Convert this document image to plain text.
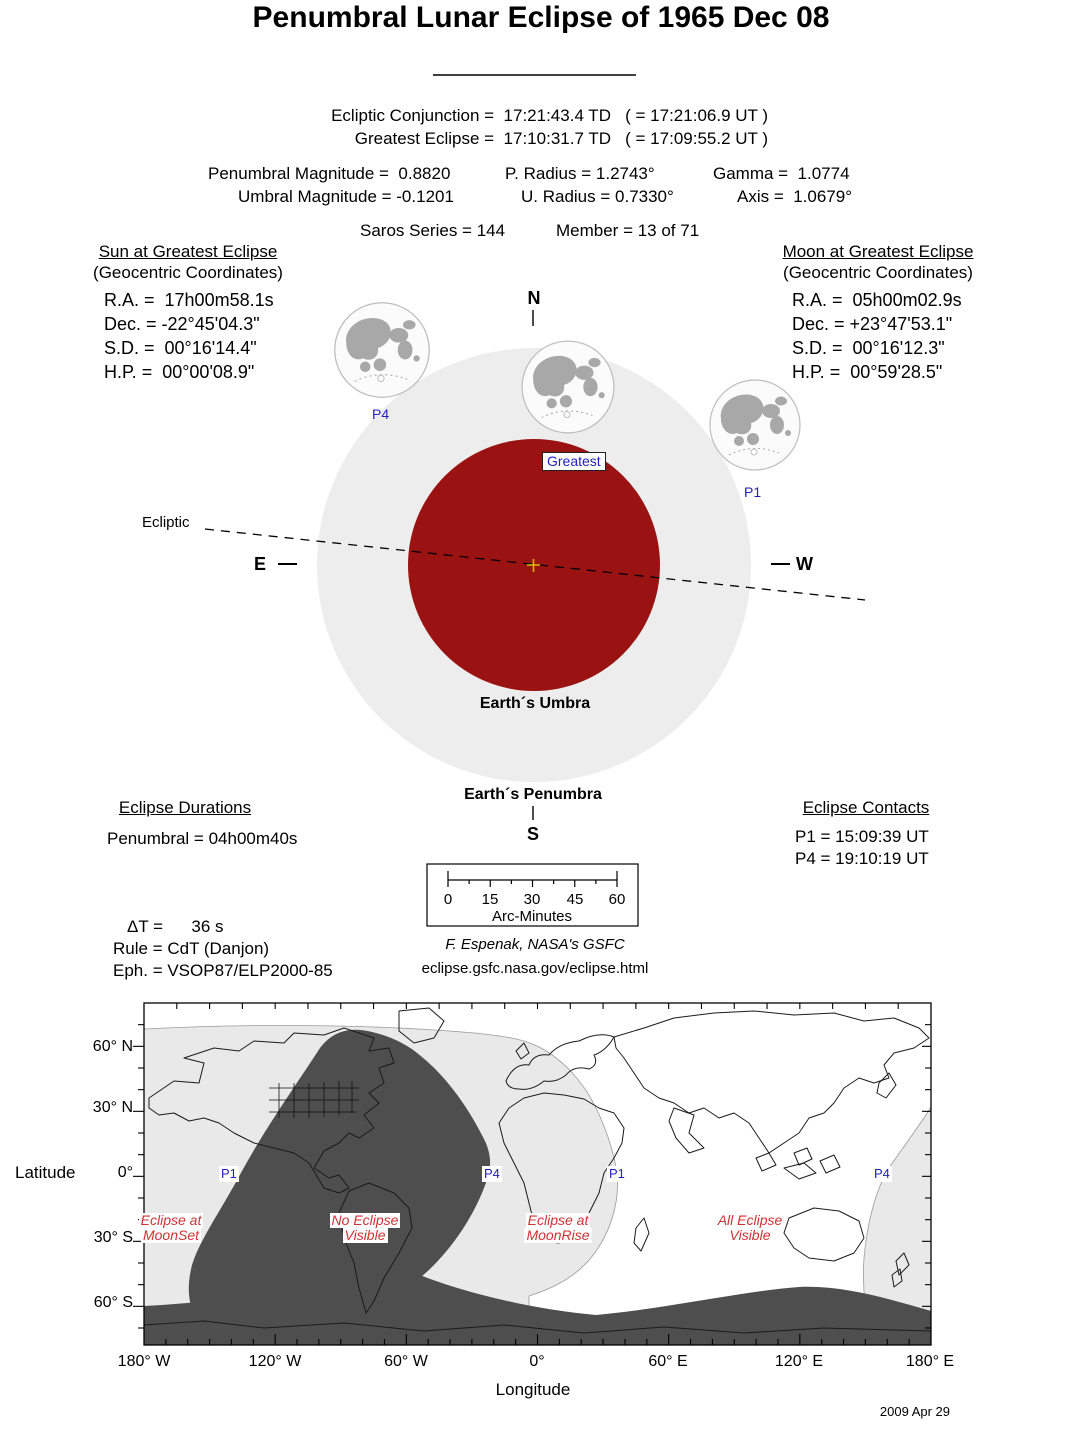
Penumbral Lunar Eclipse of 1965 Dec 08
Ecliptic Conjunction =  17:21:43.4 TD   ( = 17:21:06.9 UT )
Greatest Eclipse =  17:10:31.7 TD   ( = 17:09:55.2 UT )
Penumbral Magnitude =  0.8820	P. Radius = 1.2743°	Gamma =  1.0774
Umbral Magnitude = -0.1201	U. Radius = 0.7330°	Axis =  1.0679°
Saros Series = 144	Member = 13 of 71
Sun at Greatest Eclipse
(Geocentric Coordinates)
R.A. =  17h00m58.1s
Dec. = -22°45'04.3"
S.D. =  00°16'14.4"
H.P. =  00°00'08.9"
Moon at Greatest Eclipse
(Geocentric Coordinates)
R.A. =  05h00m02.9s
Dec. = +23°47'53.1"
S.D. =  00°16'12.3"
H.P. =  00°59'28.5"
N
S
E	W
Ecliptic
P4
P1
Greatest
Earth´s Umbra
Earth´s Penumbra
Eclipse Durations
Penumbral = 04h00m40s
Eclipse Contacts
P1 = 15:09:39 UT
P4 = 19:10:19 UT
0	15	30	45	60
Arc-Minutes
ΔT =      36 s
Rule = CdT (Danjon)
Eph. = VSOP87/ELP2000-85
F. Espenak, NASA's GSFC
eclipse.gsfc.nasa.gov/eclipse.html
Latitude
60° N
30° N
0°
30° S
60° S
180° W	120° W	60° W	0°	60° E	120° E	180° E
Longitude
Eclipse at
MoonSet
No Eclipse
Visible
Eclipse at
MoonRise
All Eclipse
Visible
P1	P4	P1	P4
2009 Apr 29
